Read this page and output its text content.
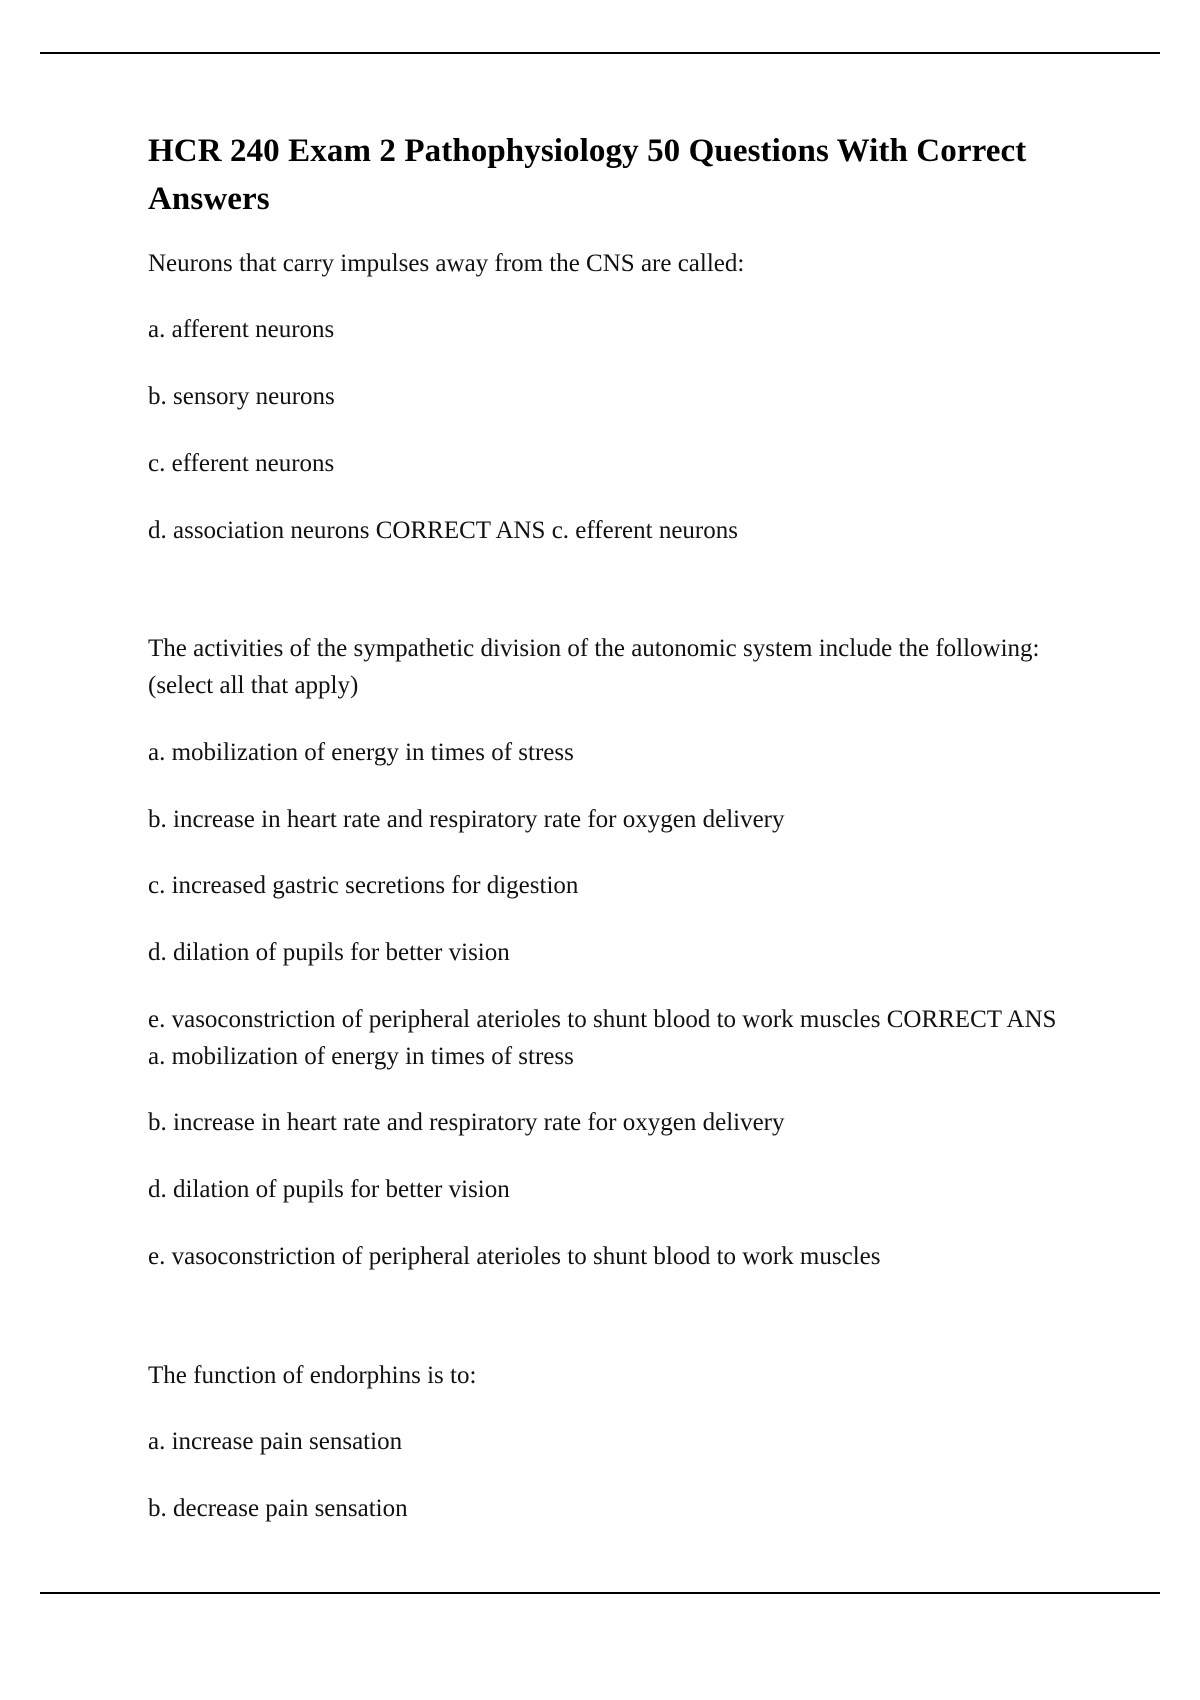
HCR 240 Exam 2 Pathophysiology 50 Questions With Correct Answers

Neurons that carry impulses away from the CNS are called:

a. afferent neurons

b. sensory neurons

c. efferent neurons

d. association neurons CORRECT ANS c. efferent neurons

The activities of the sympathetic division of the autonomic system include the following: (select all that apply)

a. mobilization of energy in times of stress

b. increase in heart rate and respiratory rate for oxygen delivery

c. increased gastric secretions for digestion

d. dilation of pupils for better vision

e. vasoconstriction of peripheral aterioles to shunt blood to work muscles CORRECT ANS a. mobilization of energy in times of stress

b. increase in heart rate and respiratory rate for oxygen delivery

d. dilation of pupils for better vision

e. vasoconstriction of peripheral aterioles to shunt blood to work muscles

The function of endorphins is to:

a. increase pain sensation

b. decrease pain sensation
